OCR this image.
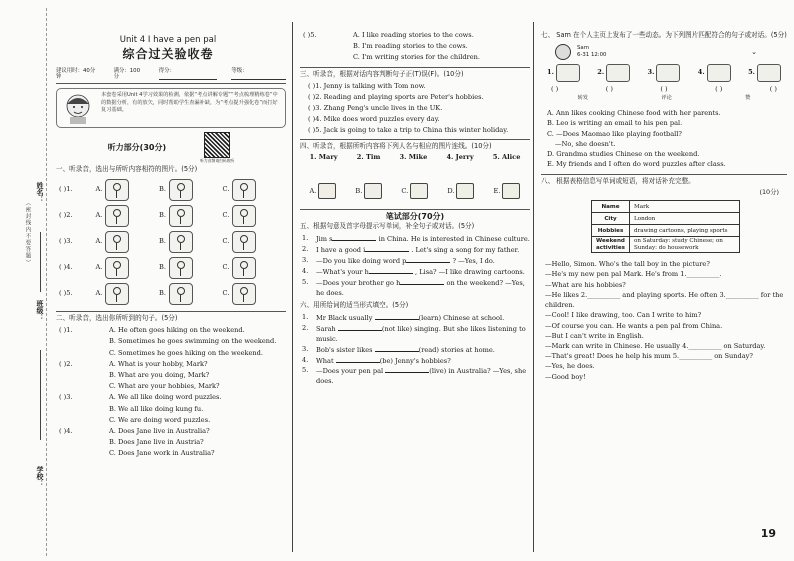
姓名：
班级：
学校：
（密封线内不要答题）
Unit 4 I have a pen pal
综合过关验收卷
建议用时：40分钟
满分：100分
得分：	等级：

本套卷采用Unit 4学习效果的检测，依据“考点讲解专题”“考点梳理精练卷”中的数据分析，有的放矢，同时帮助学生查漏补缺，为“考点提升强化卷”而打好复习基础。

听力部分(30分)
听力音频请扫码收听
一、听录音，选出与所听内容相符的图片。(5分)
( )1.	A.	B.	C.
( )2.	A.	B.	C.
( )3.	A.	B.	C.
( )4.	A.	B.	C.
( )5.	A.	B.	C.
二、听录音，选出你所听到的句子。(5分)
( )1.	A. He often goes hiking on the weekend.
B. Sometimes he goes swimming on the weekend.
C. Sometimes he goes hiking on the weekend.
( )2.	A. What is your hobby, Mark?
B. What are you doing, Mark?
C. What are your hobbies, Mark?
( )3.	A. We all like doing word puzzles.
B. We all like doing kung fu.
C. We are doing word puzzles.
( )4.	A. Does Jane live in Australia?
B. Does Jane live in Austria?
C. Does Jane work in Australia?
( )5.	A. I like reading stories to the cows.
B. I'm reading stories to the cows.
C. I'm writing stories for the children.
三、听录音，根据对话内容判断句子正(T)误(F)。(10分)
( )1. Jenny is talking with Tom now.
( )2. Reading and playing sports are Peter's hobbies.
( )3. Zhang Peng's uncle lives in the UK.
( )4. Mike does word puzzles every day.
( )5. Jack is going to take a trip to China this winter holiday.
四、听录音，根据所听内容将下列人名与相应的图片连线。(10分)
1. Mary	2. Tim	3. Mike	4. Jerry	5. Alice
A.	B.	C.	D.	E.
笔试部分(70分)
五、根据句意及首字母提示写单词，补全句子或对话。(5分)
1.	Jim s	in China. He is interested in Chinese culture.
2.	I have a good i	. Let's sing a song for my father.
3.	—Do you like doing word p	? —Yes, I do.
4.	—What's your h	, Lisa? —I like drawing cartoons.
5.	—Does your brother go h	on the weekend? —Yes, he does.
六、用所给词的适当形式填空。(5分)
1.	Mr Black usually	(learn) Chinese at school.
2.	Sarah	(not like) singing. But she likes listening to music.
3.	Bob's sister likes	(read) stories at home.
4.	What	(be) Jenny's hobbies?
5.	—Does your pen pal	(live) in Australia? —Yes, she does.
七、 Sam 在个人主页上发布了一些动态。为下列图片匹配符合的句子或对话。(5分)
Sam
6-31 12:00	⌄
1.	2.	3.	4.	5.
( )	( )	( )	( )	( )
转发	评论	赞

A. Ann likes cooking Chinese food with her parents.

B. Leo is writing an email to his pen pal.

C. —Does Maomao like playing football?

—No, she doesn't.

D. Grandma studies Chinese on the weekend.

E. My friends and I often do word puzzles after class.

八、 根据表格信息写单词或短语，将对话补充完整。
(10分)
Name	Mark
City	London
Hobbies	drawing cartoons, playing sports
Weekend activities	on Saturday: study Chinese; on Sunday: do housework

—Hello, Simon. Who's the tall boy in the picture?

—He's my new pen pal Mark. He's from 1.__________.

—What are his hobbies?

—He likes 2.__________ and playing sports. He often 3.__________ for the children.

—Cool! I like drawing, too. Can I write to him?

—Of course you can. He wants a pen pal from China.

—But I can't write in English.

—Mark can write in Chinese. He usually 4.__________ on Saturday.

—That's great! Does he help his mum 5.__________ on Sunday?

—Yes, he does.

—Good boy!

19
